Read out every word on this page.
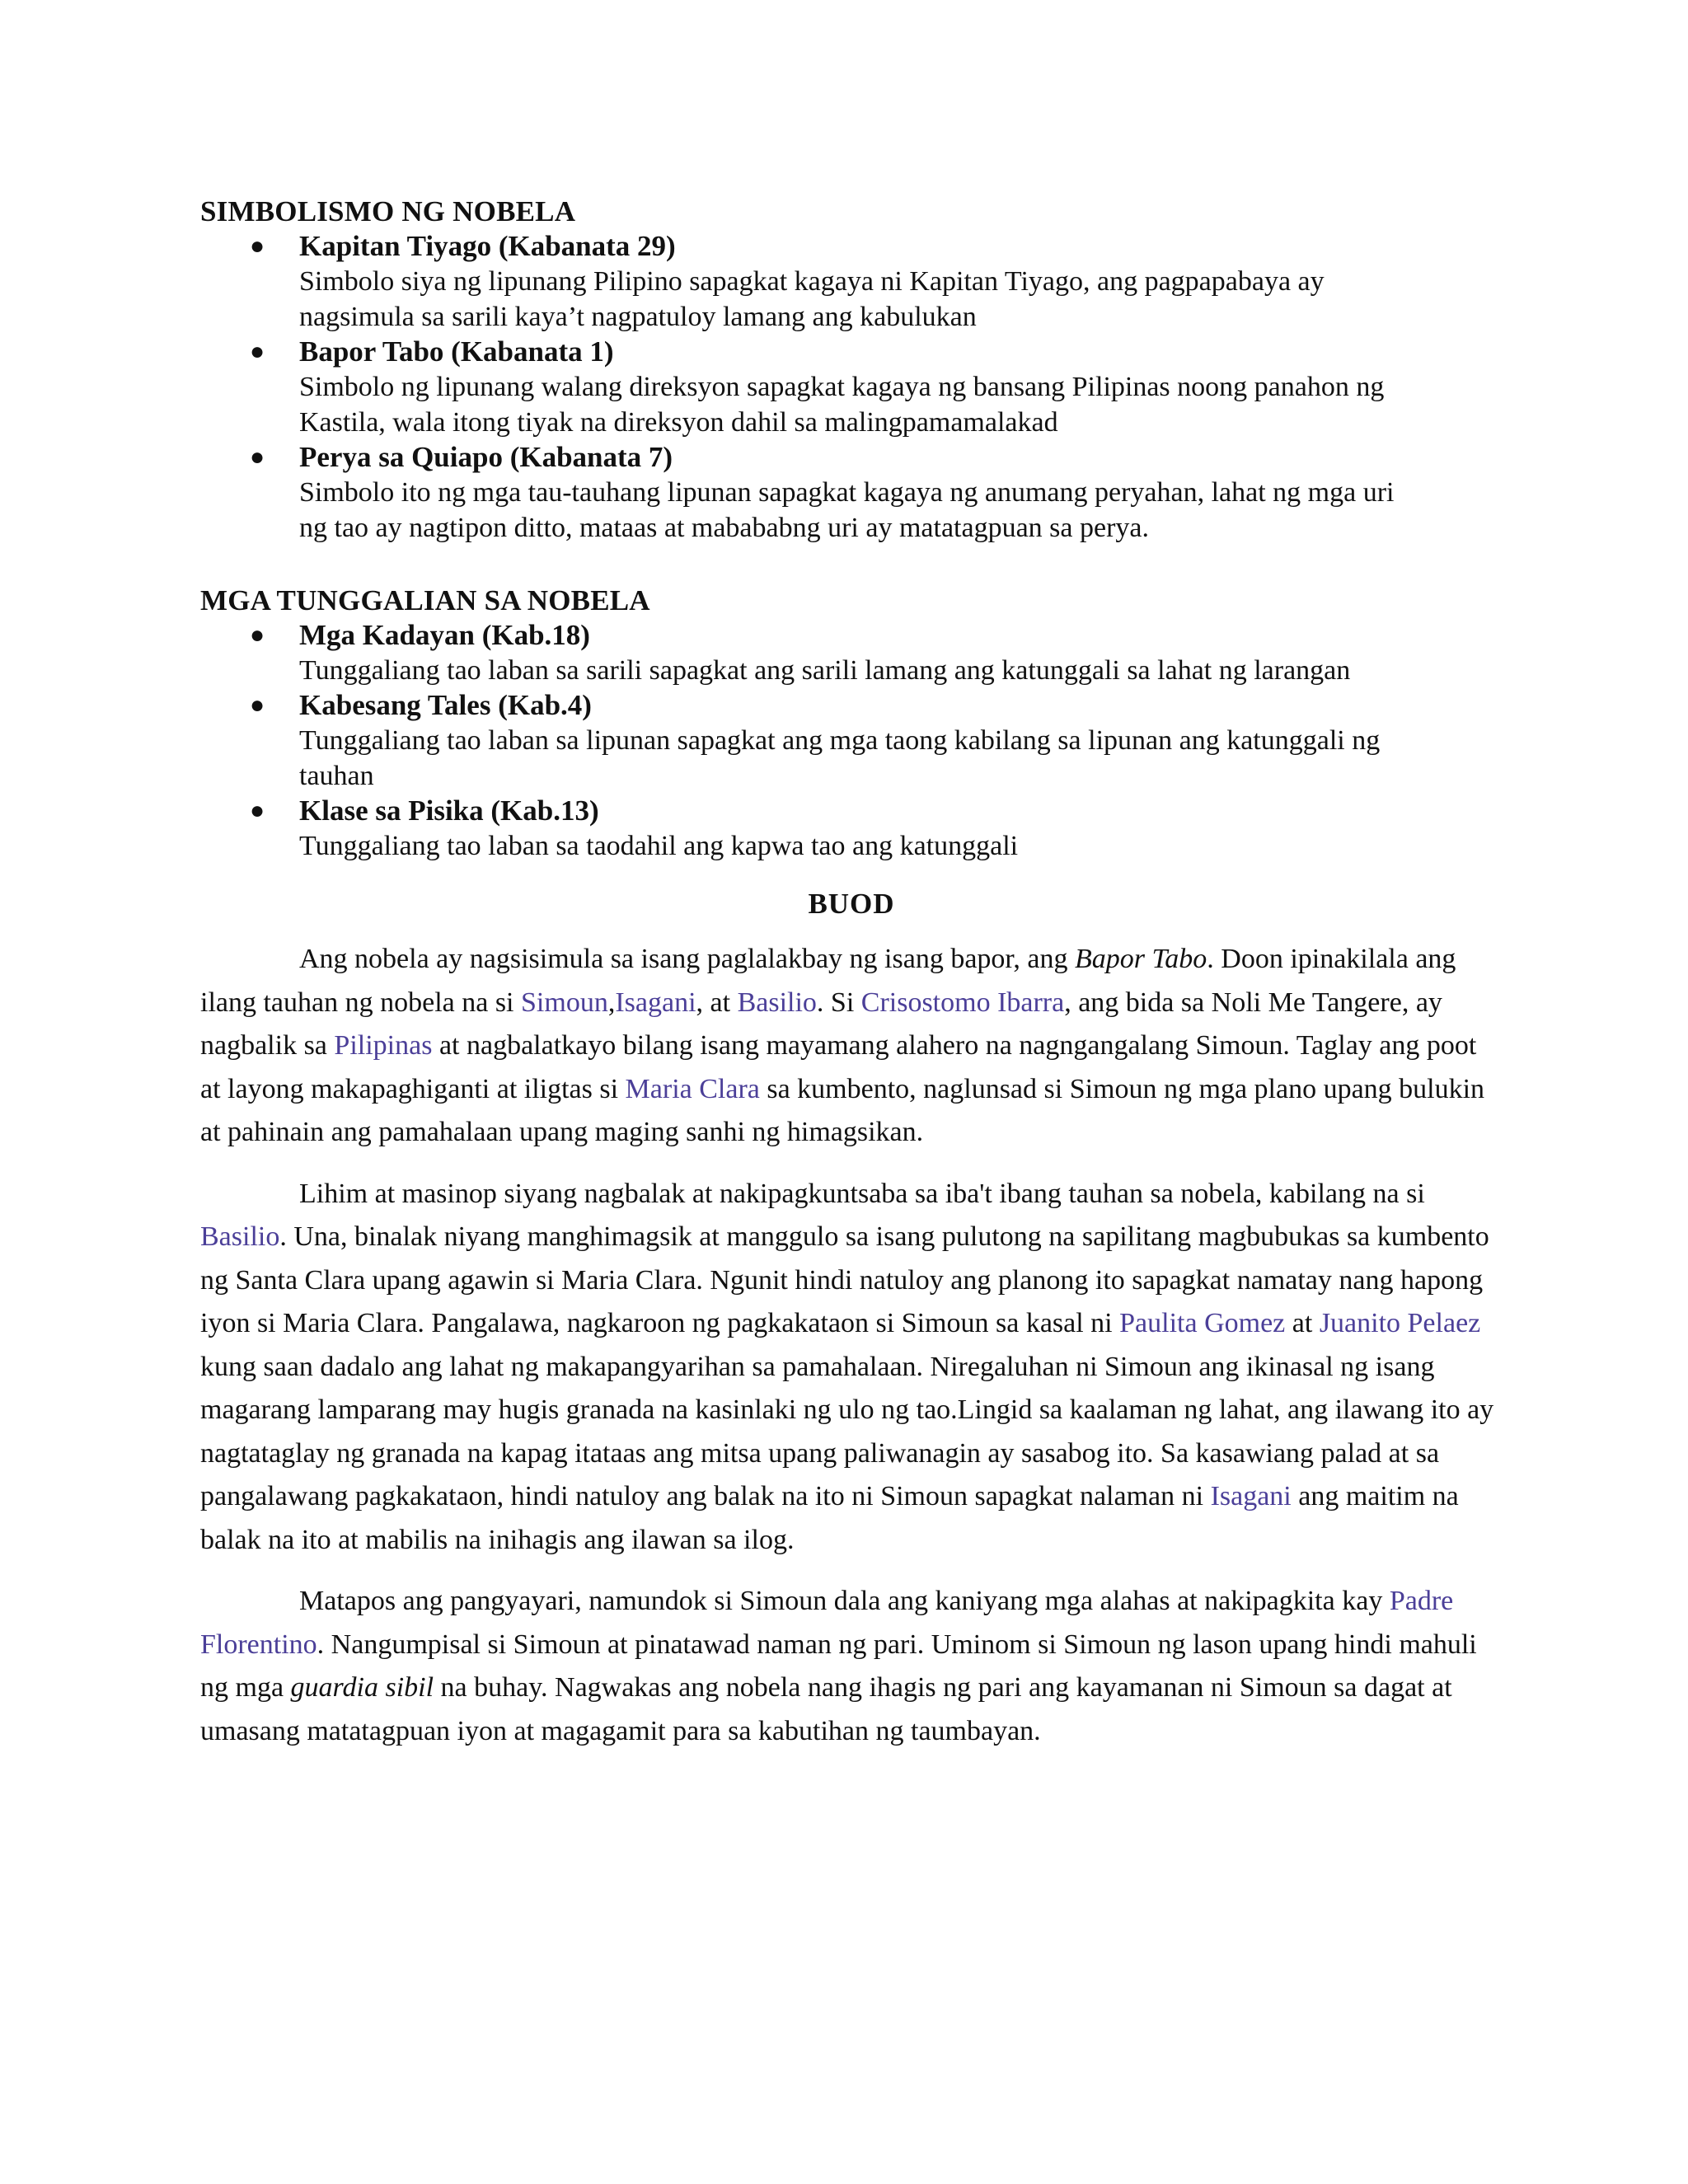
SIMBOLISMO NG NOBELA
● Kapitan Tiyago (Kabanata 29)
Simbolo siya ng lipunang Pilipino sapagkat kagaya ni Kapitan Tiyago, ang pagpapabaya ay
nagsimula sa sarili kaya’t nagpatuloy lamang ang kabulukan
● Bapor Tabo (Kabanata 1)
Simbolo ng lipunang walang direksyon sapagkat kagaya ng bansang Pilipinas noong panahon ng
Kastila, wala itong tiyak na direksyon dahil sa malingpamamalakad
● Perya sa Quiapo (Kabanata 7)
Simbolo ito ng mga tau-tauhang lipunan sapagkat kagaya ng anumang peryahan, lahat ng mga uri
ng tao ay nagtipon ditto, mataas at mabababng uri ay matatagpuan sa perya.
MGA TUNGGALIAN SA NOBELA
● Mga Kadayan (Kab.18)
Tunggaliang tao laban sa sarili sapagkat ang sarili lamang ang katunggali sa lahat ng larangan
● Kabesang Tales (Kab.4)
Tunggaliang tao laban sa lipunan sapagkat ang mga taong kabilang sa lipunan ang katunggali ng
tauhan
● Klase sa Pisika (Kab.13)
Tunggaliang tao laban sa taodahil ang kapwa tao ang katunggali
BUOD

Ang nobela ay nagsisimula sa isang paglalakbay ng isang bapor, ang Bapor Tabo. Doon ipinakilala ang ilang tauhan ng nobela na si Simoun,Isagani, at Basilio. Si Crisostomo Ibarra, ang bida sa Noli Me Tangere, ay nagbalik sa Pilipinas at nagbalatkayo bilang isang mayamang alahero na nagngangalang Simoun. Taglay ang poot at layong makapaghiganti at iligtas si Maria Clara sa kumbento, naglunsad si Simoun ng mga plano upang bulukin at pahinain ang pamahalaan upang maging sanhi ng himagsikan.

Lihim at masinop siyang nagbalak at nakipagkuntsaba sa iba't ibang tauhan sa nobela, kabilang na si Basilio. Una, binalak niyang manghimagsik at manggulo sa isang pulutong na sapilitang magbubukas sa kumbento ng Santa Clara upang agawin si Maria Clara. Ngunit hindi natuloy ang planong ito sapagkat namatay nang hapong iyon si Maria Clara. Pangalawa, nagkaroon ng pagkakataon si Simoun sa kasal ni Paulita Gomez at Juanito Pelaez kung saan dadalo ang lahat ng makapangyarihan sa pamahalaan. Niregaluhan ni Simoun ang ikinasal ng isang magarang lamparang may hugis granada na kasinlaki ng ulo ng tao.Lingid sa kaalaman ng lahat, ang ilawang ito ay nagtataglay ng granada na kapag itataas ang mitsa upang paliwanagin ay sasabog ito. Sa kasawiang palad at sa pangalawang pagkakataon, hindi natuloy ang balak na ito ni Simoun sapagkat nalaman ni Isagani ang maitim na balak na ito at mabilis na inihagis ang ilawan sa ilog.

Matapos ang pangyayari, namundok si Simoun dala ang kaniyang mga alahas at nakipagkita kay Padre Florentino. Nangumpisal si Simoun at pinatawad naman ng pari. Uminom si Simoun ng lason upang hindi mahuli ng mga guardia sibil na buhay. Nagwakas ang nobela nang ihagis ng pari ang kayamanan ni Simoun sa dagat at umasang matatagpuan iyon at magagamit para sa kabutihan ng taumbayan.
